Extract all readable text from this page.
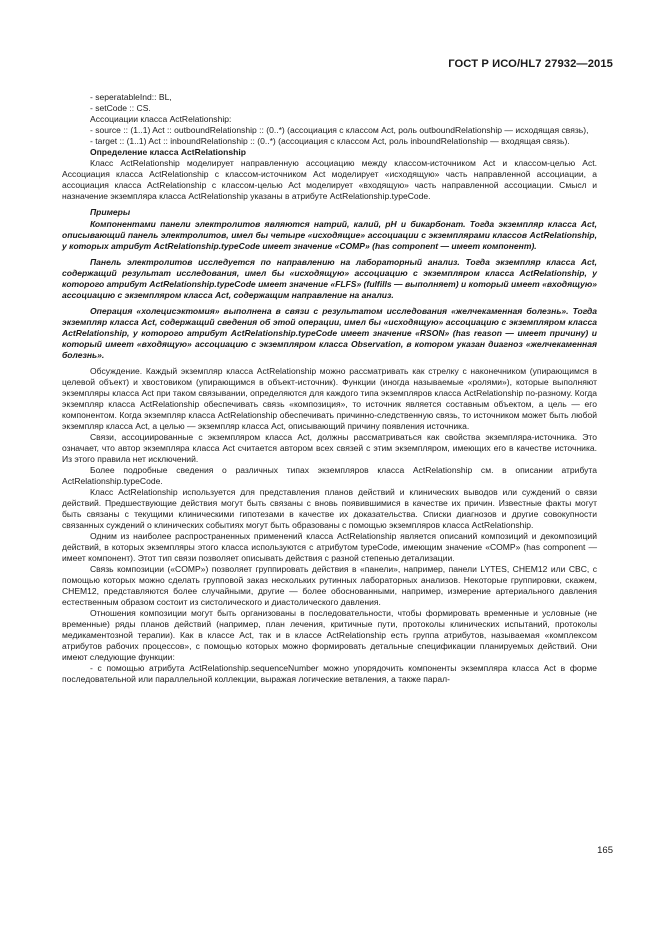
ГОСТ Р ИСО/HL7 27932—2015

- seperatableInd:: BL,

- setCode :: CS.

Ассоциации класса ActRelationship:

- source :: (1..1) Act :: outboundRelationship :: (0..*) (ассоциация с классом Act, роль outboundRelationship — исходящая связь),

- target :: (1..1) Act :: inboundRelationship :: (0..*) (ассоциация с классом Act, роль inboundRelationship — входящая связь).

Определение класса ActRelationship

Класс ActRelationship моделирует направленную ассоциацию между классом-источником Act и классом-целью Act. Ассоциация класса ActRelationship с классом-источником Act моделирует «исходящую» часть направленной ассоциации, а ассоциация класса ActRelationship с классом-целью Act моделирует «входящую» часть направленной ассоциации. Смысл и назначение экземпляра класса ActRelationship указаны в атрибуте ActRelationship.typeCode.

Примеры

Компонентами панели электролитов являются натрий, калий, pH и бикарбонат. Тогда экземпляр класса Act, описывающий панель электролитов, имел бы четыре «исходящие» ассоциации с экземплярами классов ActRelationship, у которых атрибут ActRelationship.typeCode имеет значение «COMP» (has component — имеет компонент).

Панель электролитов исследуется по направлению на лабораторный анализ. Тогда экземпляр класса Act, содержащий результат исследования, имел бы «исходящую» ассоциацию с экземпляром класса ActRelationship, у которого атрибут ActRelationship.typeCode имеет значение «FLFS» (fulfills — выполняет) и который имеет «входящую» ассоциацию с экземпляром класса Act, содержащим направление на анализ.

Операция «холецисэктомия» выполнена в связи с результатом исследования «желчекаменная болезнь». Тогда экземпляр класса Act, содержащий сведения об этой операции, имел бы «исходящую» ассоциацию с экземпляром класса ActRelationship, у которого атрибут ActRelationship.typeCode имеет значение «RSON» (has reason — имеет причину) и который имеет «входящую» ассоциацию с экземпляром класса Observation, в котором указан диагноз «желчекаменная болезнь».

Обсуждение. Каждый экземпляр класса ActRelationship можно рассматривать как стрелку с наконечником (упирающимся в целевой объект) и хвостовиком (упирающимся в объект-источник). Функции (иногда называемые «ролями»), которые выполняют экземпляры класса Act при таком связывании, определяются для каждого типа экземпляров класса ActRelationship по-разному. Когда экземпляр класса ActRelationship обеспечивать связь «композиция», то источник является составным объектом, а цель — его компонентом. Когда экземпляр класса ActRelationship обеспечивать причинно-следственную связь, то источником может быть любой экземпляр класса Act, а целью — экземпляр класса Act, описывающий причину появления источника.

Связи, ассоциированные с экземпляром класса Act, должны рассматриваться как свойства экземпляра-источника. Это означает, что автор экземпляра класса Act считается автором всех связей с этим экземпляром, имеющих его в качестве источника. Из этого правила нет исключений.

Более подробные сведения о различных типах экземпляров класса ActRelationship см. в описании атрибута ActRelationship.typeCode.

Класс ActRelationship используется для представления планов действий и клинических выводов или суждений о связи действий. Предшествующие действия могут быть связаны с вновь появившимися в качестве их причин. Известные факты могут быть связаны с текущими клиническими гипотезами в качестве их доказательства. Списки диагнозов и другие совокупности связанных суждений о клинических событиях могут быть образованы с помощью экземпляров класса ActRelationship.

Одним из наиболее распространенных применений класса ActRelationship является описаний композиций и декомпозиций действий, в которых экземпляры этого класса используются с атрибутом typeCode, имеющим значение «COMP» (has component — имеет компонент). Этот тип связи позволяет описывать действия с разной степенью детализации.

Связь композиции («COMP») позволяет группировать действия в «панели», например, панели LYTES, CHEM12 или CBC, с помощью которых можно сделать групповой заказ нескольких рутинных лабораторных анализов. Некоторые группировки, скажем, CHEM12, представляются более случайными, другие — более обоснованными, например, измерение артериального давления естественным образом состоит из систолического и диастолического давления.

Отношения композиции могут быть организованы в последовательности, чтобы формировать временные и условные (не временные) ряды планов действий (например, план лечения, критичные пути, протоколы клинических испытаний, протоколы медикаментозной терапии). Как в классе Act, так и в классе ActRelationship есть группа атрибутов, называемая «комплексом атрибутов рабочих процессов», с помощью которых можно формировать детальные спецификации планируемых действий. Они имеют следующие функции:

- с помощью атрибута ActRelationship.sequenceNumber можно упорядочить компоненты экземпляра класса Act в форме последовательной или параллельной коллекции, выражая логические ветвления, а также парал-

165
